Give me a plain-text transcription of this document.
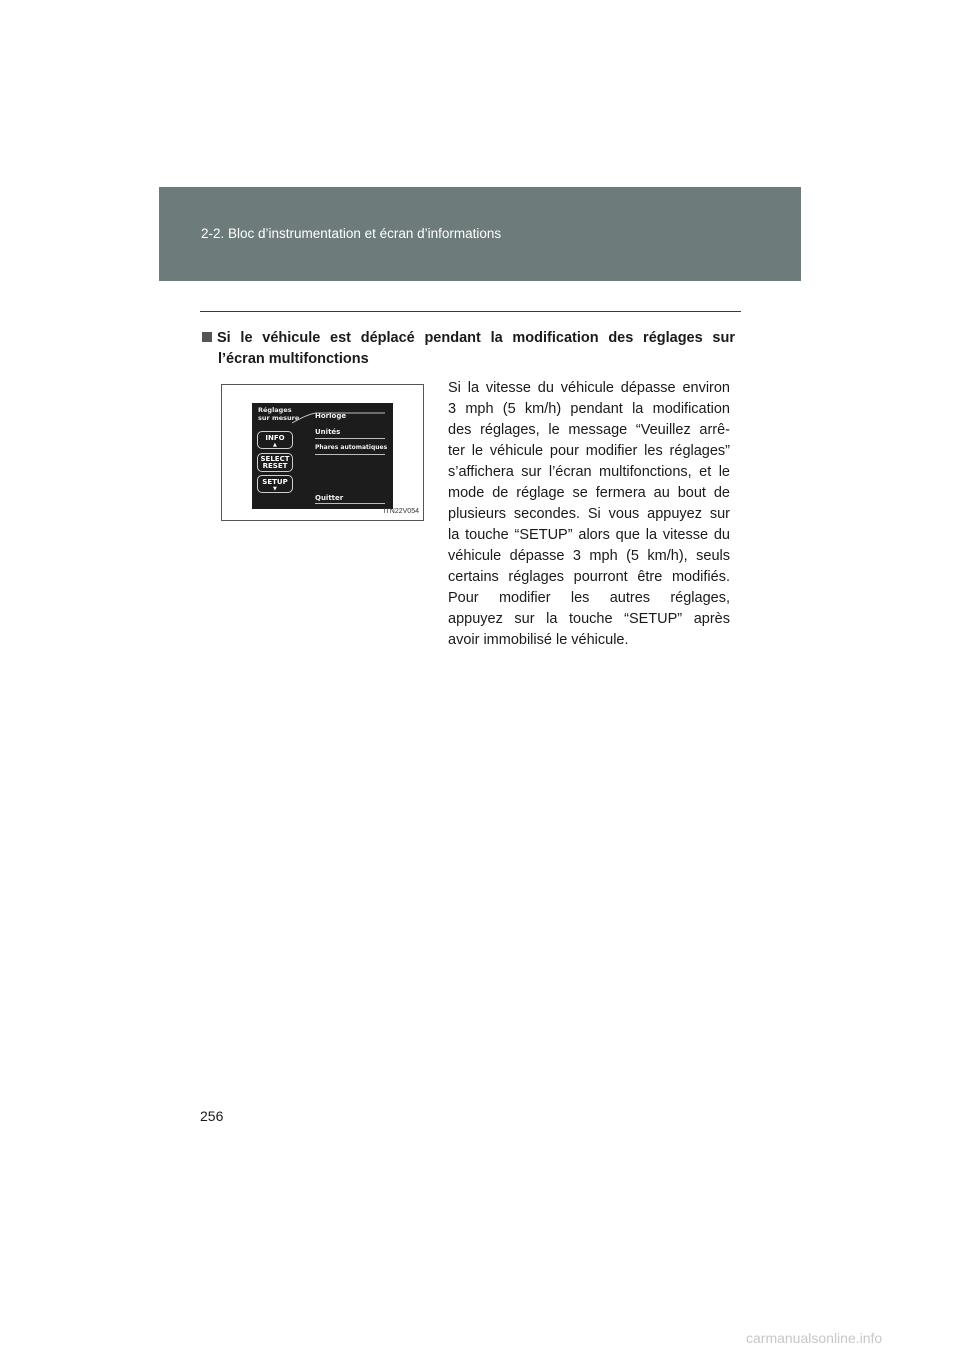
2-2. Bloc d’instrumentation et écran d’informations
Si le véhicule est déplacé pendant la modification des réglages sur
l’écran multifonctions
Réglages
sur mesure Horloge
Unités
Phares automatiques
Quitter
INFO
▲
SELECT
RESET
SETUP
▼
ITN22V054
Si la vitesse du véhicule dépasse environ
3 mph (5 km/h) pendant la modification
des réglages, le message “Veuillez arrê-
ter le véhicule pour modifier les réglages”
s’affichera sur l’écran multifonctions, et le
mode de réglage se fermera au bout de
plusieurs secondes. Si vous appuyez sur
la touche “SETUP” alors que la vitesse du
véhicule dépasse 3 mph (5 km/h), seuls
certains réglages pourront être modifiés.
Pour modifier les autres réglages,
appuyez sur la touche “SETUP” après
avoir immobilisé le véhicule.
256
carmanualsonline.info
